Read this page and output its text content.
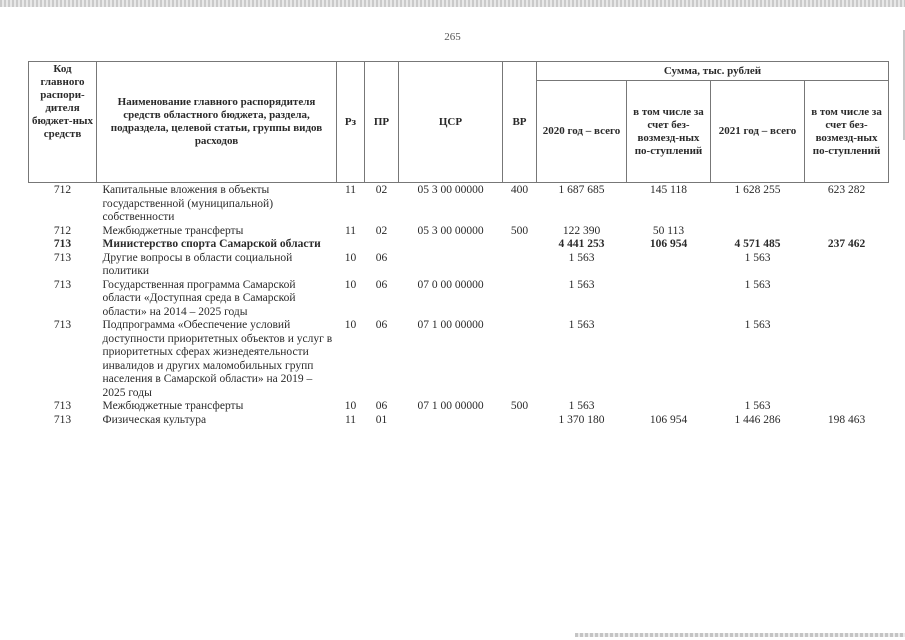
265
Код главного распори-дителя бюджет-ных средств	Наименование главного распорядителя средств областного бюджета, раздела, подраздела, целевой статьи, группы видов расходов	Рз	ПР	ЦСР	ВР	Сумма, тыс. рублей			
						2020 год – всего	в том числе за счет без-возмезд-ных по-ступлений	2021 год – всего	в том числе за счет без-возмезд-ных по-ступлений
712	Капитальные вложения в объекты государственной (муниципальной) собственности	11	02	05 3 00 00000	400	1 687 685	145 118	1 628 255	623 282
712	Межбюджетные трансферты	11	02	05 3 00 00000	500	122 390	50 113		
713	Министерство спорта Самарской области					4 441 253	106 954	4 571 485	237 462
713	Другие вопросы в области социальной политики	10	06			1 563		1 563	
713	Государственная программа Самарской области «Доступная среда в Самарской области» на 2014 – 2025 годы	10	06	07 0 00 00000		1 563		1 563	
713	Подпрограмма «Обеспечение условий доступности приоритетных объектов и услуг в приоритетных сферах жизнедеятельности инвалидов и других маломобильных групп населения в Самарской области» на 2019 – 2025 годы	10	06	07 1 00 00000		1 563		1 563	
713	Межбюджетные трансферты	10	06	07 1 00 00000	500	1 563		1 563	
713	Физическая культура	11	01			1 370 180	106 954	1 446 286	198 463
